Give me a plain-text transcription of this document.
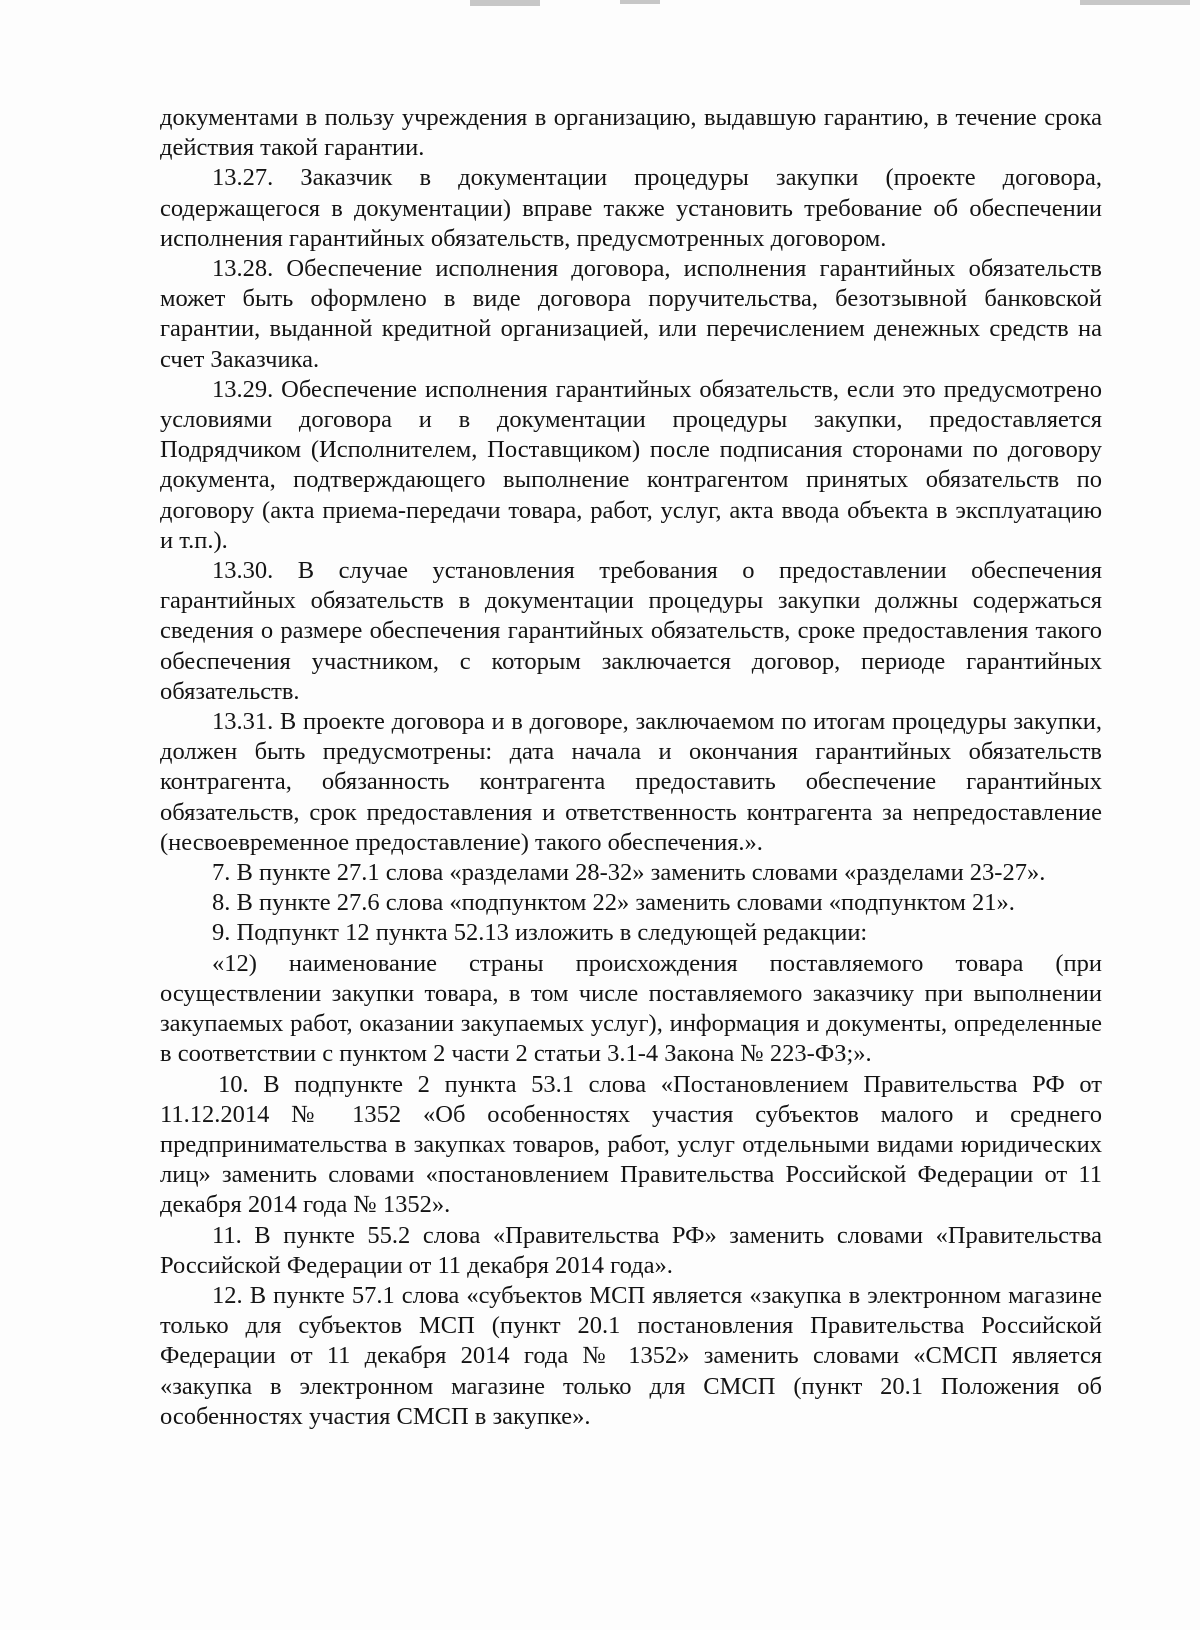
документами в пользу учреждения в организацию, выдавшую гарантию, в течение срока действия такой гарантии.

13.27. Заказчик в документации процедуры закупки (проекте договора, содержащегося в документации) вправе также установить требование об обеспечении исполнения гарантийных обязательств, предусмотренных договором.

13.28. Обеспечение исполнения договора, исполнения гарантийных обязательств может быть оформлено в виде договора поручительства, безотзывной банковской гарантии, выданной кредитной организацией, или перечислением денежных средств на счет Заказчика.

13.29. Обеспечение исполнения гарантийных обязательств, если это предусмотрено условиями договора и в документации процедуры закупки, предоставляется Подрядчиком (Исполнителем, Поставщиком) после подписания сторонами по договору документа, подтверждающего выполнение контрагентом принятых обязательств по договору (акта приема-передачи товара, работ, услуг, акта ввода объекта в эксплуатацию и т.п.).

13.30. В случае установления требования о предоставлении обеспечения гарантийных обязательств в документации процедуры закупки должны содержаться сведения о размере обеспечения гарантийных обязательств, сроке предоставления такого обеспечения участником, с которым заключается договор, периоде гарантийных обязательств.

13.31. В проекте договора и в договоре, заключаемом по итогам процедуры закупки, должен быть предусмотрены: дата начала и окончания гарантийных обязательств контрагента, обязанность контрагента предоставить обеспечение гарантийных обязательств, срок предоставления и ответственность контрагента за непредоставление (несвоевременное предоставление) такого обеспечения.».

7. В пункте 27.1 слова «разделами 28-32» заменить словами «разделами 23-27».

8. В пункте 27.6 слова «подпунктом 22» заменить словами «подпунктом 21».

9. Подпункт 12 пункта 52.13 изложить в следующей редакции:

«12) наименование страны происхождения поставляемого товара (при осуществлении закупки товара, в том числе поставляемого заказчику при выполнении закупаемых работ, оказании закупаемых услуг), информация и документы, определенные в соответствии с пунктом 2 части 2 статьи 3.1-4 Закона № 223-ФЗ;».

10. В подпункте 2 пункта 53.1 слова «Постановлением Правительства РФ от 11.12.2014 № 1352 «Об особенностях участия субъектов малого и среднего предпринимательства в закупках товаров, работ, услуг отдельными видами юридических лиц» заменить словами «постановлением Правительства Российской Федерации от 11 декабря 2014 года № 1352».

11. В пункте 55.2 слова «Правительства РФ» заменить словами «Правительства Российской Федерации от 11 декабря 2014 года».

12. В пункте 57.1 слова «субъектов МСП является «закупка в электронном магазине только для субъектов МСП (пункт 20.1 постановления Правительства Российской Федерации от 11 декабря 2014 года № 1352» заменить словами «СМСП является «закупка в электронном магазине только для СМСП (пункт 20.1 Положения об особенностях участия СМСП в закупке».
